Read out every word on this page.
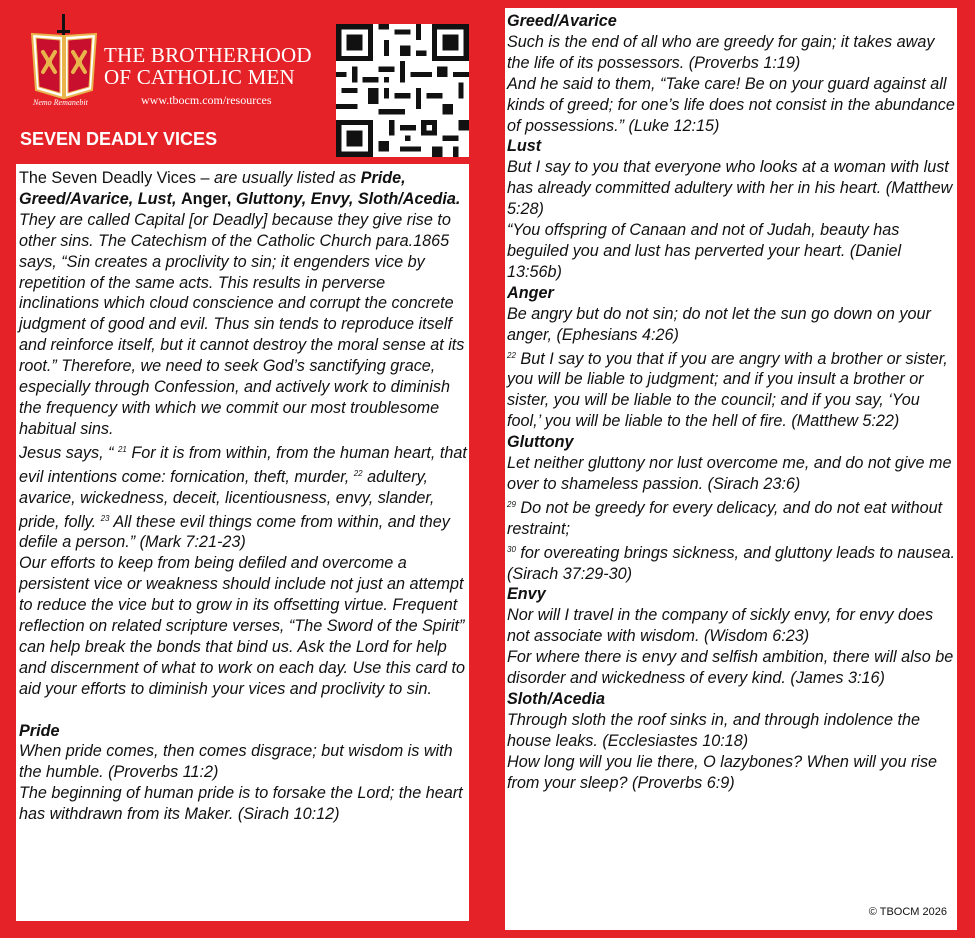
THE BROTHERHOOD
OF CATHOLIC MEN
www.tbocm.com/resources
Nemo Remanebit
SEVEN DEADLY VICES

The Seven Deadly Vices – are usually listed as Pride, Greed/Avarice, Lust, Anger, Gluttony, Envy, Sloth/Acedia. They are called Capital [or Deadly] because they give rise to other sins. The Catechism of the Catholic Church para.1865 says, “Sin creates a proclivity to sin; it engenders vice by repetition of the same acts. This results in perverse inclinations which cloud conscience and corrupt the concrete judgment of good and evil. Thus sin tends to reproduce itself and reinforce itself, but it cannot destroy the moral sense at its root.” Therefore, we need to seek God’s sanctifying grace, especially through Confession, and actively work to diminish the frequency with which we commit our most troublesome habitual sins.

Jesus says, “ $^{21}$ For it is from within, from the human heart, that evil intentions come: fornication, theft, murder, $^{22}$ adultery, avarice, wickedness, deceit, licentiousness, envy, slander, pride, folly. $^{23}$ All these evil things come from within, and they defile a person.” (Mark 7:21-23)

Our efforts to keep from being defiled and overcome a persistent vice or weakness should include not just an attempt to reduce the vice but to grow in its offsetting virtue. Frequent reflection on related scripture verses, “The Sword of the Spirit” can help break the bonds that bind us. Ask the Lord for help and discernment of what to work on each day. Use this card to aid your efforts to diminish your vices and proclivity to sin.

Pride

When pride comes, then comes disgrace; but wisdom is with the humble. (Proverbs 11:2)

The beginning of human pride is to forsake the Lord; the heart has withdrawn from its Maker. (Sirach 10:12)

Greed/Avarice

Such is the end of all who are greedy for gain; it takes away the life of its possessors. (Proverbs 1:19)

And he said to them, “Take care! Be on your guard against all kinds of greed; for one’s life does not consist in the abundance of possessions.” (Luke 12:15)

Lust

But I say to you that everyone who looks at a woman with lust has already committed adultery with her in his heart. (Matthew 5:28)

“You offspring of Canaan and not of Judah, beauty has beguiled you and lust has perverted your heart. (Daniel 13:56b)

Anger

Be angry but do not sin; do not let the sun go down on your anger, (Ephesians 4:26)

$^{22}$ But I say to you that if you are angry with a brother or sister, you will be liable to judgment; and if you insult a brother or sister, you will be liable to the council; and if you say, ‘You fool,’ you will be liable to the hell of fire. (Matthew 5:22)

Gluttony

Let neither gluttony nor lust overcome me, and do not give me over to shameless passion. (Sirach 23:6)

$^{29}$ Do not be greedy for every delicacy, and do not eat without restraint;

$^{30}$ for overeating brings sickness, and gluttony leads to nausea. (Sirach 37:29-30)

Envy

Nor will I travel in the company of sickly envy, for envy does not associate with wisdom. (Wisdom 6:23)

For where there is envy and selfish ambition, there will also be disorder and wickedness of every kind. (James 3:16)

Sloth/Acedia

Through sloth the roof sinks in, and through indolence the house leaks. (Ecclesiastes 10:18)

How long will you lie there, O lazybones? When will you rise from your sleep? (Proverbs 6:9)

© TBOCM 2026
